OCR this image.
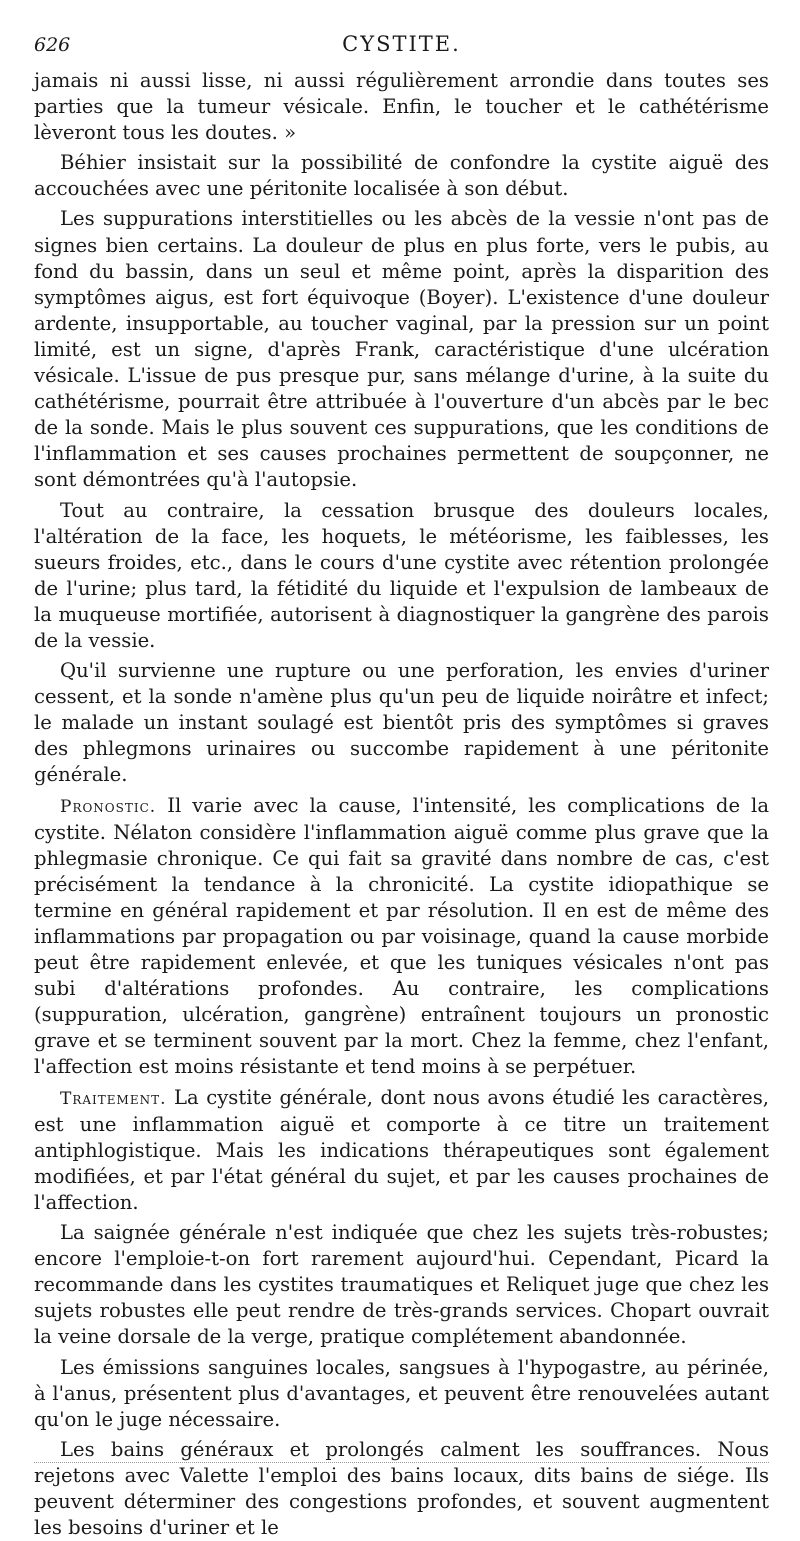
626	CYSTITE.

jamais ni aussi lisse, ni aussi régulièrement arrondie dans toutes ses parties que la tumeur vésicale. Enfin, le toucher et le cathétérisme lèveront tous les doutes. »

Béhier insistait sur la possibilité de confondre la cystite aiguë des accouchées avec une péritonite localisée à son début.

Les suppurations interstitielles ou les abcès de la vessie n'ont pas de signes bien certains. La douleur de plus en plus forte, vers le pubis, au fond du bassin, dans un seul et même point, après la disparition des symptômes aigus, est fort équivoque (Boyer). L'existence d'une douleur ardente, insupportable, au toucher vaginal, par la pression sur un point limité, est un signe, d'après Frank, caractéristique d'une ulcération vésicale. L'issue de pus presque pur, sans mélange d'urine, à la suite du cathétérisme, pourrait être attribuée à l'ouverture d'un abcès par le bec de la sonde. Mais le plus souvent ces suppurations, que les conditions de l'inflammation et ses causes prochaines permettent de soupçonner, ne sont démontrées qu'à l'autopsie.

Tout au contraire, la cessation brusque des douleurs locales, l'altération de la face, les hoquets, le météorisme, les faiblesses, les sueurs froides, etc., dans le cours d'une cystite avec rétention prolongée de l'urine; plus tard, la fétidité du liquide et l'expulsion de lambeaux de la muqueuse mortifiée, autorisent à diagnostiquer la gangrène des parois de la vessie.

Qu'il survienne une rupture ou une perforation, les envies d'uriner cessent, et la sonde n'amène plus qu'un peu de liquide noirâtre et infect; le malade un instant soulagé est bientôt pris des symptômes si graves des phlegmons urinaires ou succombe rapidement à une péritonite générale.

Pronostic. Il varie avec la cause, l'intensité, les complications de la cystite. Nélaton considère l'inflammation aiguë comme plus grave que la phlegmasie chronique. Ce qui fait sa gravité dans nombre de cas, c'est précisément la tendance à la chronicité. La cystite idiopathique se termine en général rapidement et par résolution. Il en est de même des inflammations par propagation ou par voisinage, quand la cause morbide peut être rapidement enlevée, et que les tuniques vésicales n'ont pas subi d'altérations profondes. Au contraire, les complications (suppuration, ulcération, gangrène) entraînent toujours un pronostic grave et se terminent souvent par la mort. Chez la femme, chez l'enfant, l'affection est moins résistante et tend moins à se perpétuer.

Traitement. La cystite générale, dont nous avons étudié les caractères, est une inflammation aiguë et comporte à ce titre un traitement antiphlogistique. Mais les indications thérapeutiques sont également modifiées, et par l'état général du sujet, et par les causes prochaines de l'affection.

La saignée générale n'est indiquée que chez les sujets très-robustes; encore l'emploie-t-on fort rarement aujourd'hui. Cependant, Picard la recommande dans les cystites traumatiques et Reliquet juge que chez les sujets robustes elle peut rendre de très-grands services. Chopart ouvrait la veine dorsale de la verge, pratique complétement abandonnée.

Les émissions sanguines locales, sangsues à l'hypogastre, au périnée, à l'anus, présentent plus d'avantages, et peuvent être renouvelées autant qu'on le juge nécessaire.

Les bains généraux et prolongés calment les souffrances. Nous rejetons avec Valette l'emploi des bains locaux, dits bains de siége. Ils peuvent déterminer des congestions profondes, et souvent augmentent les besoins d'uriner et le
